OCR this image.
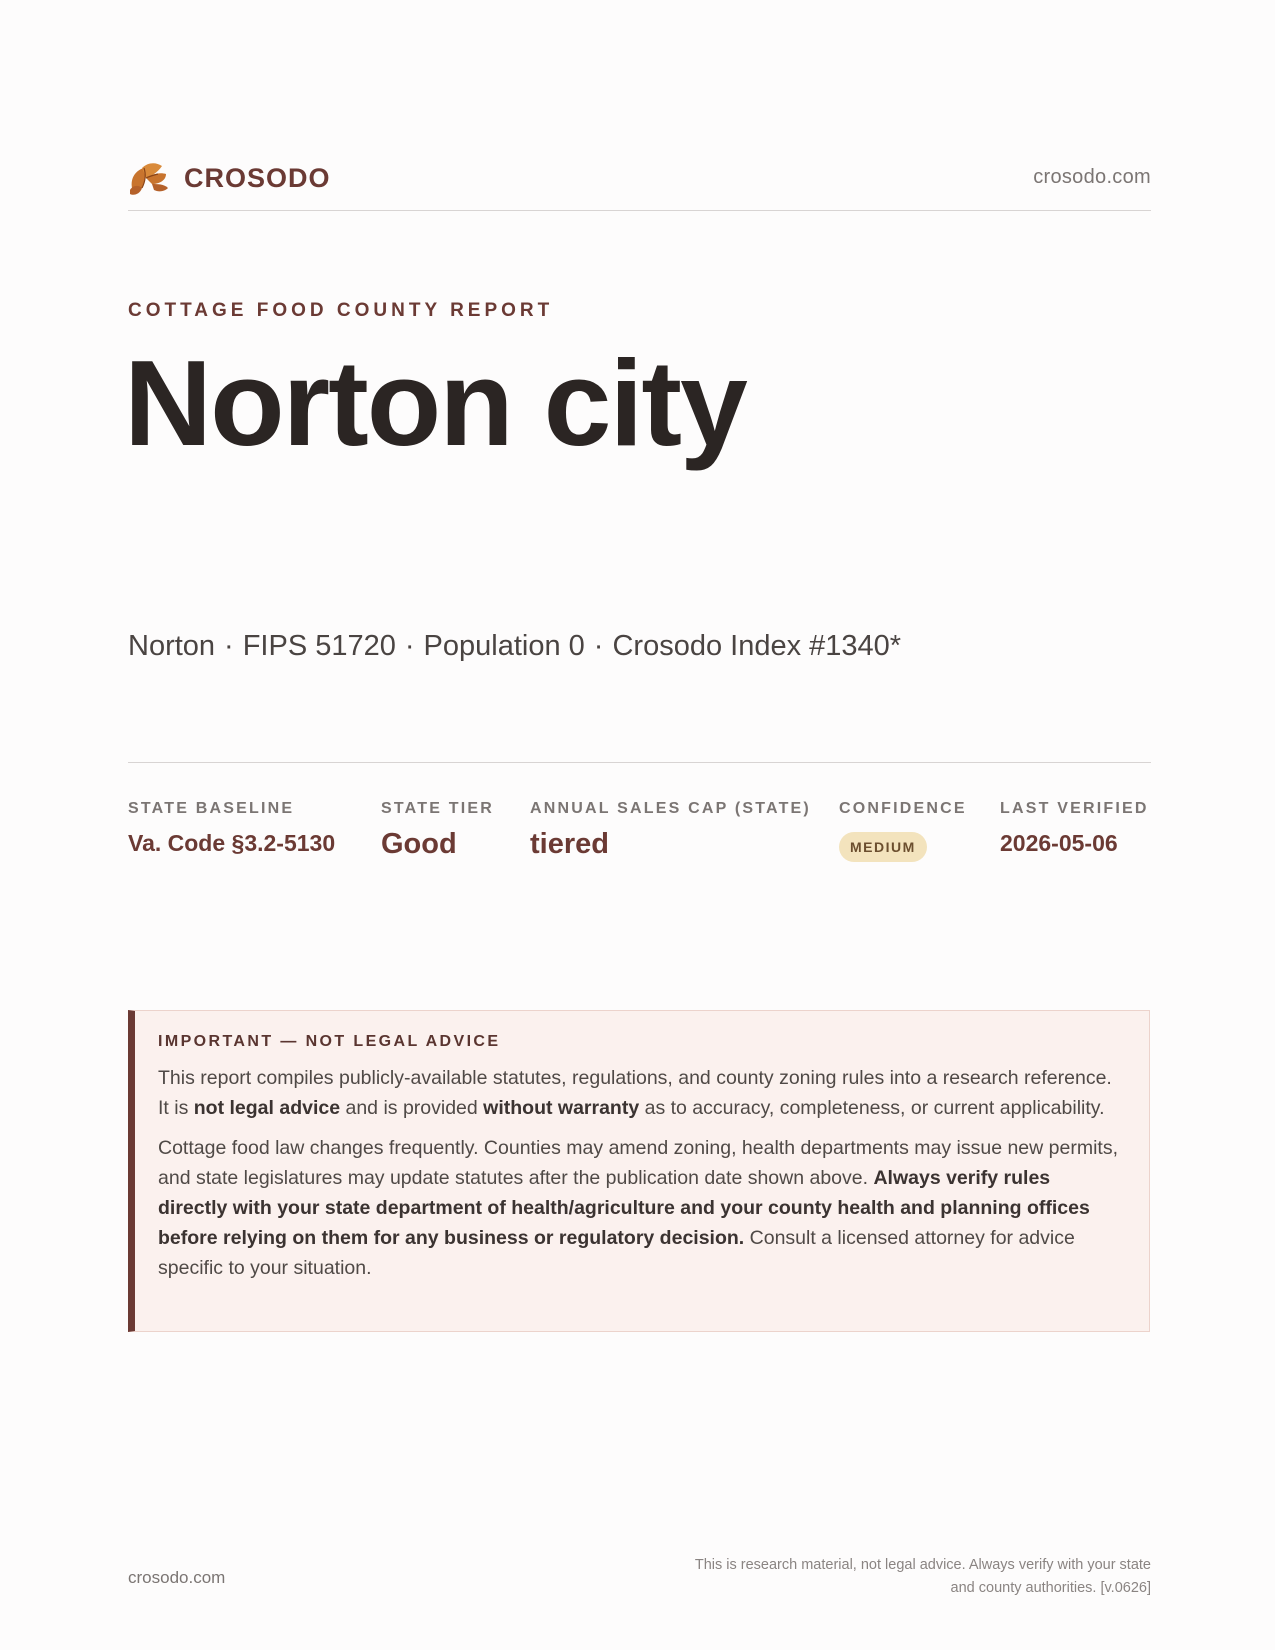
CROSODO	crosodo.com
COTTAGE FOOD COUNTY REPORT
Norton city
Norton · FIPS 51720 · Population 0 · Crosodo Index #1340*
STATE BASELINE
Va. Code §3.2-5130
STATE TIER
Good
ANNUAL SALES CAP (STATE)
tiered
CONFIDENCE
MEDIUM
LAST VERIFIED
2026-05-06
IMPORTANT — NOT LEGAL ADVICE

This report compiles publicly-available statutes, regulations, and county zoning rules into a research reference. It is not legal advice and is provided without warranty as to accuracy, completeness, or current applicability.

Cottage food law changes frequently. Counties may amend zoning, health departments may issue new permits, and state legislatures may update statutes after the publication date shown above. Always verify rules directly with your state department of health/agriculture and your county health and planning offices before relying on them for any business or regulatory decision. Consult a licensed attorney for advice specific to your situation.

crosodo.com
This is research material, not legal advice. Always verify with your state
and county authorities. [v.0626]
